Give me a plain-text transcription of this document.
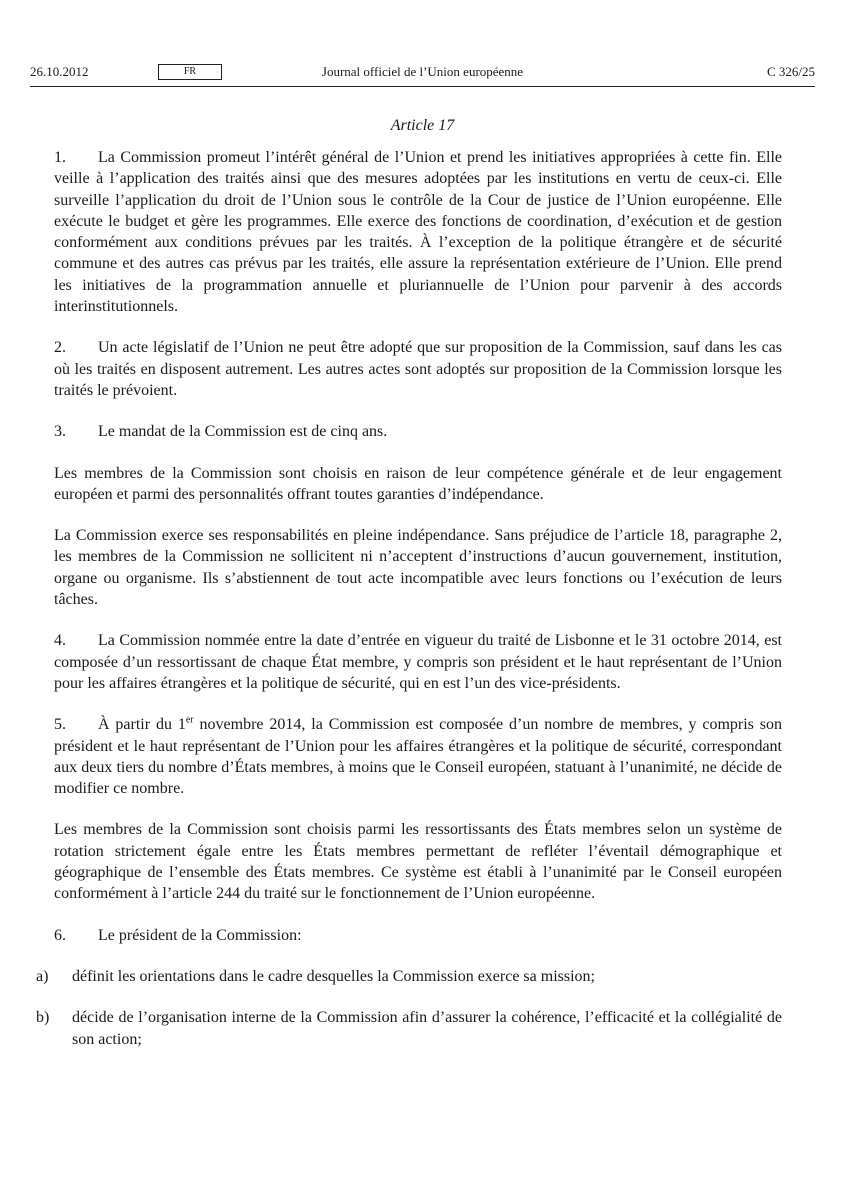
26.10.2012	FR	Journal officiel de l’Union européenne	C 326/25
Article 17

1. La Commission promeut l’intérêt général de l’Union et prend les initiatives appropriées à cette fin. Elle veille à l’application des traités ainsi que des mesures adoptées par les institutions en vertu de ceux-ci. Elle surveille l’application du droit de l’Union sous le contrôle de la Cour de justice de l’Union européenne. Elle exécute le budget et gère les programmes. Elle exerce des fonctions de coordination, d’exécution et de gestion conformément aux conditions prévues par les traités. À l’exception de la politique étrangère et de sécurité commune et des autres cas prévus par les traités, elle assure la représentation extérieure de l’Union. Elle prend les initiatives de la programmation annuelle et pluriannuelle de l’Union pour parvenir à des accords interinstitutionnels.

2. Un acte législatif de l’Union ne peut être adopté que sur proposition de la Commission, sauf dans les cas où les traités en disposent autrement. Les autres actes sont adoptés sur proposition de la Commission lorsque les traités le prévoient.

3. Le mandat de la Commission est de cinq ans.

Les membres de la Commission sont choisis en raison de leur compétence générale et de leur engagement européen et parmi des personnalités offrant toutes garanties d’indépendance.

La Commission exerce ses responsabilités en pleine indépendance. Sans préjudice de l’article 18, paragraphe 2, les membres de la Commission ne sollicitent ni n’acceptent d’instructions d’aucun gouvernement, institution, organe ou organisme. Ils s’abstiennent de tout acte incompatible avec leurs fonctions ou l’exécution de leurs tâches.

4. La Commission nommée entre la date d’entrée en vigueur du traité de Lisbonne et le 31 octobre 2014, est composée d’un ressortissant de chaque État membre, y compris son président et le haut représentant de l’Union pour les affaires étrangères et la politique de sécurité, qui en est l’un des vice-présidents.

5. À partir du 1er novembre 2014, la Commission est composée d’un nombre de membres, y compris son président et le haut représentant de l’Union pour les affaires étrangères et la politique de sécurité, correspondant aux deux tiers du nombre d’États membres, à moins que le Conseil européen, statuant à l’unanimité, ne décide de modifier ce nombre.

Les membres de la Commission sont choisis parmi les ressortissants des États membres selon un système de rotation strictement égale entre les États membres permettant de refléter l’éventail démographique et géographique de l’ensemble des États membres. Ce système est établi à l’unanimité par le Conseil européen conformément à l’article 244 du traité sur le fonctionnement de l’Union européenne.

6. Le président de la Commission:

a) définit les orientations dans le cadre desquelles la Commission exerce sa mission;

b) décide de l’organisation interne de la Commission afin d’assurer la cohérence, l’efficacité et la collégialité de son action;
